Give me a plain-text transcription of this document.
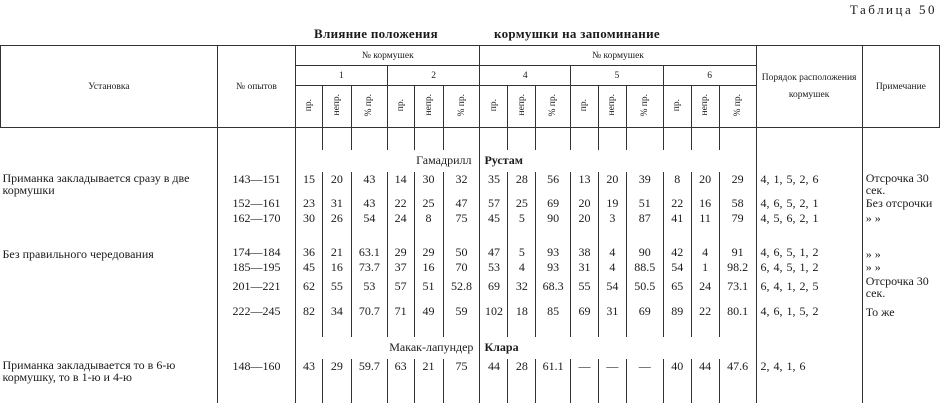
Таблица 50
Влияние положения	кормушки на запоминание
Установка	№ опытов	№ кормушек						№ кормушек									Порядок расположения кормушек	Примечание
		1			2			4			5			6				
		пр.	непр.	% пр.	пр.	непр.	% пр.	пр.	непр.	% пр.	пр.	непр.	% пр.	пр.	непр.	% пр.		

					Гамадрилл			Рустам										
Приманка закладывается сразу в две кормушки	143—151	15	20	43	14	30	32	35	28	56	13	20	39	8	20	29	4, 1, 5, 2, 6	Отсрочка 30 сек.
	152—161	23	31	43	22	25	47	57	25	69	20	19	51	22	16	58	4, 6, 5, 2, 1	Без отсрочки
	162—170	30	26	54	24	8	75	45	5	90	20	3	87	41	11	79	4, 5, 6, 2, 1	» »
Без правильного чередования	174—184	36	21	63.1	29	29	50	47	5	93	38	4	90	42	4	91	4, 6, 5, 1, 2	» »
	185—195	45	16	73.7	37	16	70	53	4	93	31	4	88.5	54	1	98.2	6, 4, 5, 1, 2	» »
	201—221	62	55	53	57	51	52.8	69	32	68.3	55	54	50.5	65	24	73.1	6, 4, 1, 2, 5	Отсрочка 30 сек.
	222—245	82	34	70.7	71	49	59	102	18	85	69	31	69	89	22	80.1	4, 6, 1, 5, 2	То же

					Макак-лапундер			Клара										
Приманка закладывается то в 6-ю кормушку, то в 1-ю и 4-ю	148—160	43	29	59.7	63	21	75	44	28	61.1	—	—	—	40	44	47.6	2, 4, 1, 6	
